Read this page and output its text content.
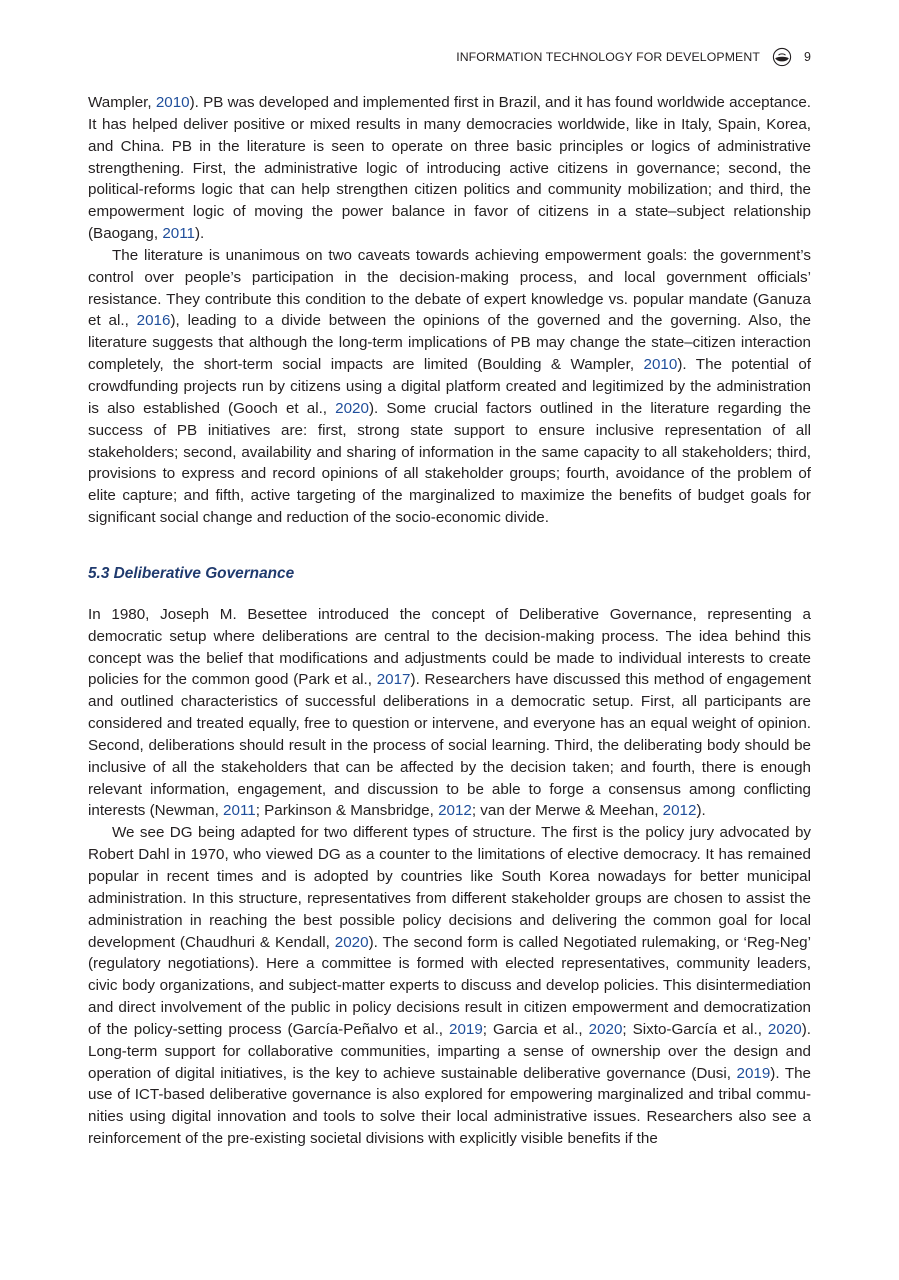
INFORMATION TECHNOLOGY FOR DEVELOPMENT	9

Wampler, 2010). PB was developed and implemented first in Brazil, and it has found worldwide acceptance. It has helped deliver positive or mixed results in many democracies worldwide, like in Italy, Spain, Korea, and China. PB in the literature is seen to operate on three basic principles or logics of administrative strengthening. First, the administrative logic of introducing active citizens in governance; second, the political-reforms logic that can help strengthen citizen politics and community mobilization; and third, the empowerment logic of moving the power balance in favor of citizens in a state–subject relationship (Baogang, 2011).

The literature is unanimous on two caveats towards achieving empowerment goals: the government’s control over people’s participation in the decision-making process, and local government officials’ resistance. They contribute this condition to the debate of expert knowledge vs. popular mandate (Ganuza et al., 2016), leading to a divide between the opinions of the governed and the governing. Also, the literature suggests that although the long-term implications of PB may change the state–citizen interaction completely, the short-term social impacts are limited (Boulding & Wampler, 2010). The potential of crowdfunding projects run by citizens using a digital platform created and legitimized by the administration is also established (Gooch et al., 2020). Some crucial factors outlined in the literature regarding the success of PB initiatives are: first, strong state support to ensure inclusive representation of all stakeholders; second, availability and sharing of information in the same capacity to all stakeholders; third, provisions to express and record opinions of all stakeholder groups; fourth, avoidance of the problem of elite capture; and fifth, active targeting of the marginalized to maximize the benefits of budget goals for significant social change and reduction of the socio-economic divide.

5.3 Deliberative Governance

In 1980, Joseph M. Besettee introduced the concept of Deliberative Governance, representing a democratic setup where deliberations are central to the decision-making process. The idea behind this concept was the belief that modifications and adjustments could be made to individual interests to create policies for the common good (Park et al., 2017). Researchers have discussed this method of engagement and outlined characteristics of successful deliberations in a democratic setup. First, all participants are considered and treated equally, free to question or intervene, and everyone has an equal weight of opinion. Second, deliberations should result in the process of social learning. Third, the deliberating body should be inclusive of all the stakeholders that can be affected by the decision taken; and fourth, there is enough relevant information, engagement, and discussion to be able to forge a consensus among conflicting interests (Newman, 2011; Parkinson & Mansbridge, 2012; van der Merwe & Meehan, 2012).

We see DG being adapted for two different types of structure. The first is the policy jury advocated by Robert Dahl in 1970, who viewed DG as a counter to the limitations of elective democracy. It has remained popular in recent times and is adopted by countries like South Korea nowadays for better municipal administration. In this structure, representatives from different stakeholder groups are chosen to assist the administration in reaching the best possible policy decisions and delivering the common goal for local development (Chaudhuri & Kendall, 2020). The second form is called Negotiated rulemaking, or ‘Reg-Neg’ (regulatory negotiations). Here a committee is formed with elected representatives, community leaders, civic body organizations, and subject-matter experts to discuss and develop policies. This disintermediation and direct involvement of the public in policy decisions result in citizen empowerment and democratization of the policy-setting process (García-Peñalvo et al., 2019; Garcia et al., 2020; Sixto-García et al., 2020). Long-term support for collaborative communities, imparting a sense of ownership over the design and operation of digital initiatives, is the key to achieve sustainable deliberative governance (Dusi, 2019). The use of ICT-based deliberative governance is also explored for empowering marginalized and tribal communities using digital innovation and tools to solve their local administrative issues. Researchers also see a reinforcement of the pre-existing societal divisions with explicitly visible benefits if the
